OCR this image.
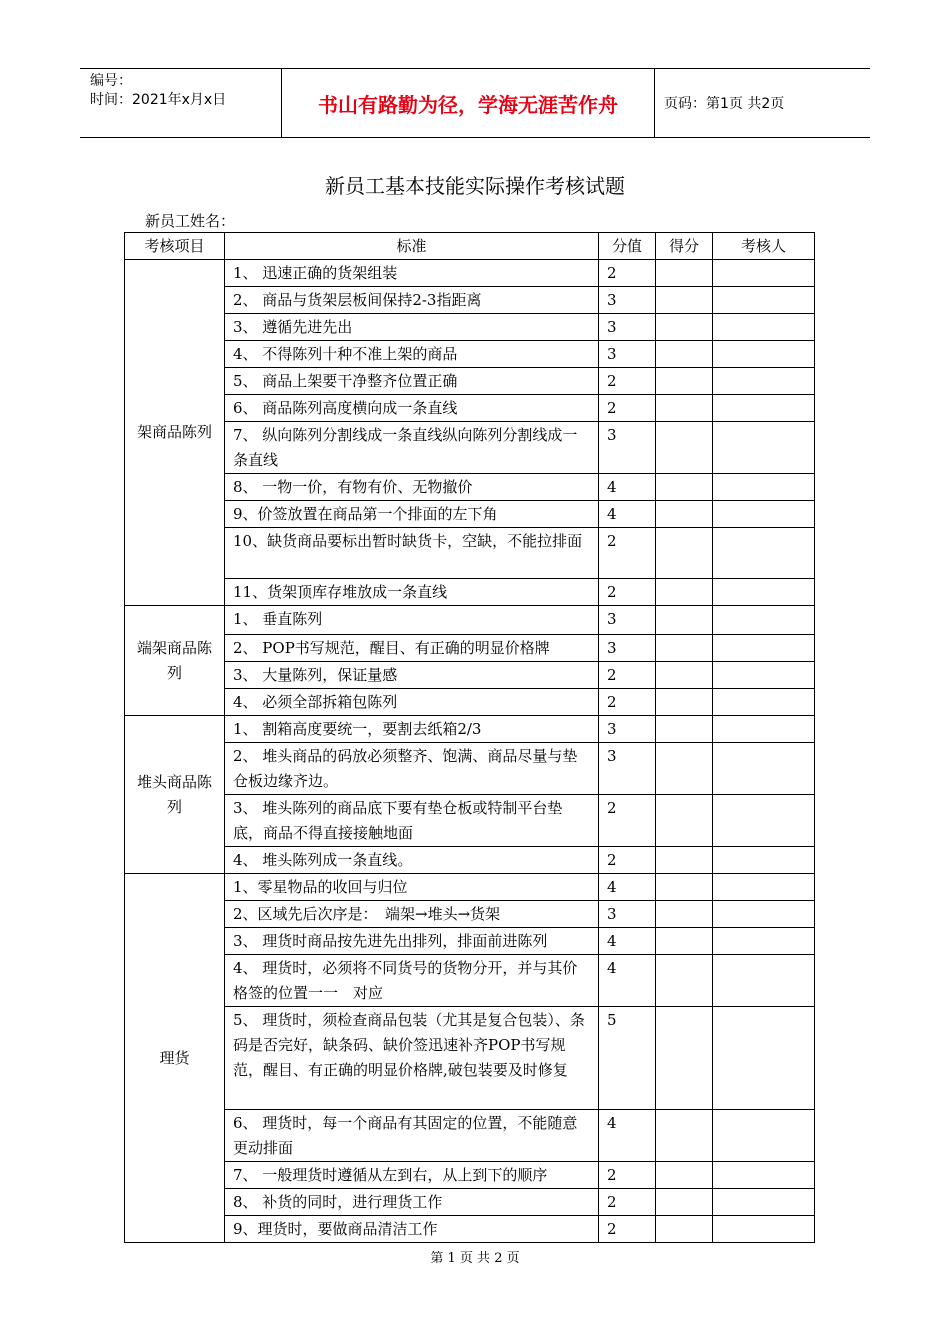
编号：
时间：2021年x月x日	书山有路勤为径，学海无涯苦作舟	页码：第1页 共2页
新员工基本技能实际操作考核试题
新员工姓名：
考核项目	标准	分值	得分	考核人
架商品陈列	1、 迅速正确的货架组装	2		
	2、 商品与货架层板间保持2-3指距离	3		
	3、 遵循先进先出	3		
	4、 不得陈列十种不准上架的商品	3		
	5、 商品上架要干净整齐位置正确	2		
	6、 商品陈列高度横向成一条直线	2		
	7、 纵向陈列分割线成一条直线纵向陈列分割线成一条直线	3		
	8、 一物一价，有物有价、无物撤价	4		
	9、价签放置在商品第一个排面的左下角	4		
	10、缺货商品要标出暂时缺货卡，空缺，不能拉排面	2		
	11、货架顶库存堆放成一条直线	2		
端架商品陈列	1、 垂直陈列	3		
	2、 POP书写规范，醒目、有正确的明显价格牌	3		
	3、 大量陈列，保证量感	2		
	4、 必须全部拆箱包陈列	2		
堆头商品陈列	1、 割箱高度要统一，要割去纸箱2/3	3		
	2、 堆头商品的码放必须整齐、饱满、商品尽量与垫仓板边缘齐边。	3		
	3、 堆头陈列的商品底下要有垫仓板或特制平台垫底，商品不得直接接触地面	2		
	4、 堆头陈列成一条直线。	2		
理货	1、零星物品的收回与归位	4		
	2、区域先后次序是：　端架→堆头→货架	3		
	3、 理货时商品按先进先出排列，排面前进陈列	4		
	4、 理货时，必须将不同货号的货物分开，并与其价格签的位置一一　对应	4		
	5、 理货时，须检查商品包装（尤其是复合包装）、条码是否完好，缺条码、缺价签迅速补齐POP书写规范，醒目、有正确的明显价格牌,破包装要及时修复	5		
	6、 理货时，每一个商品有其固定的位置，不能随意更动排面	4		
	7、 一般理货时遵循从左到右，从上到下的顺序	2		
	8、 补货的同时，进行理货工作	2		
	9、理货时，要做商品清洁工作	2		
第 1 页 共 2 页
